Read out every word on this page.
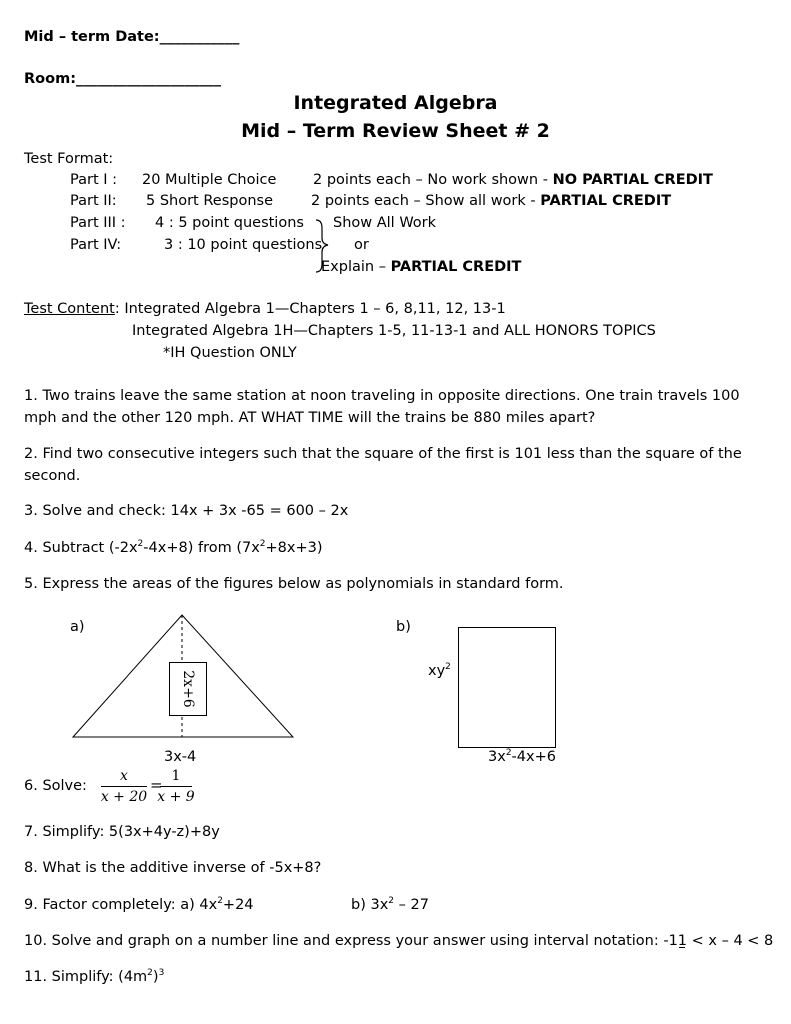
Mid – term Date:___________
Room:____________________
Integrated Algebra
Mid – Term Review Sheet # 2
Test Format:
Part I : 20 Multiple Choice	2 points each – No work shown - NO PARTIAL CREDIT
Part II: 5 Short Response	2 points each – Show all work - PARTIAL CREDIT
Part III : 4 : 5 point questions
Part IV:	3 : 10 point questions
Show All Work
or
Explain – PARTIAL CREDIT
Test Content: Integrated Algebra 1—Chapters 1 – 6, 8,11, 12, 13-1
Integrated Algebra 1H—Chapters 1-5, 11-13-1 and ALL HONORS TOPICS
*IH Question ONLY
1. Two trains leave the same station at noon traveling in opposite directions. One train travels 100
mph and the other 120 mph. AT WHAT TIME will the trains be 880 miles apart?
2. Find two consecutive integers such that the square of the first is 101 less than the square of the
second.
3. Solve and check: 14x + 3x -65 = 600 – 2x
4. Subtract $(-2x^2-4x+8)$ from $(7x^2+8x+3)$
5. Express the areas of the figures below as polynomials in standard form.
a)
2x+6
3x-4
b)
$xy^2$
$3x^2-4x+6$
6. Solve:
x
x + 20
= 1
x + 9
7. Simplify: 5(3x+4y-z)+8y
8. What is the additive inverse of -5x+8?
9. Factor completely: a) $4x^2+24$	b) $3x^2 - 27$
10. Solve and graph on a number line and express your answer using interval notation: -11 < x – 4 < 8
11. Simplify: $(4m^2)^3$
